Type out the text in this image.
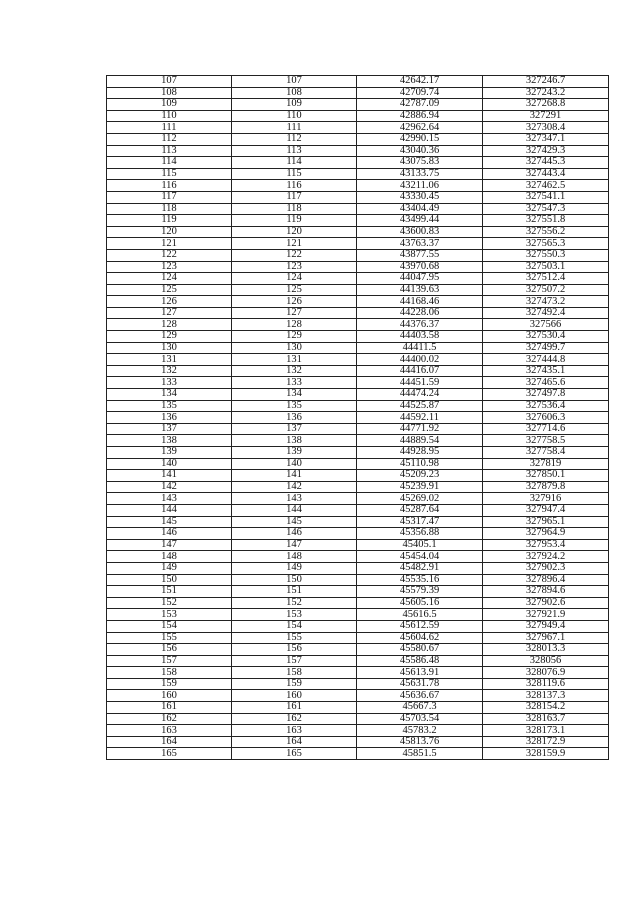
107	107	42642.17	327246.7
108	108	42709.74	327243.2
109	109	42787.09	327268.8
110	110	42886.94	327291
111	111	42962.64	327308.4
112	112	42990.15	327347.1
113	113	43040.36	327429.3
114	114	43075.83	327445.3
115	115	43133.75	327443.4
116	116	43211.06	327462.5
117	117	43330.45	327541.1
118	118	43404.49	327547.3
119	119	43499.44	327551.8
120	120	43600.83	327556.2
121	121	43763.37	327565.3
122	122	43877.55	327550.3
123	123	43970.68	327503.1
124	124	44047.95	327512.4
125	125	44139.63	327507.2
126	126	44168.46	327473.2
127	127	44228.06	327492.4
128	128	44376.37	327566
129	129	44403.58	327530.4
130	130	44411.5	327499.7
131	131	44400.02	327444.8
132	132	44416.07	327435.1
133	133	44451.59	327465.6
134	134	44474.24	327497.8
135	135	44525.87	327536.4
136	136	44592.11	327606.3
137	137	44771.92	327714.6
138	138	44889.54	327758.5
139	139	44928.95	327758.4
140	140	45110.98	327819
141	141	45209.23	327850.1
142	142	45239.91	327879.8
143	143	45269.02	327916
144	144	45287.64	327947.4
145	145	45317.47	327965.1
146	146	45356.88	327964.9
147	147	45405.1	327953.4
148	148	45454.04	327924.2
149	149	45482.91	327902.3
150	150	45535.16	327896.4
151	151	45579.39	327894.6
152	152	45605.16	327902.6
153	153	45616.5	327921.9
154	154	45612.59	327949.4
155	155	45604.62	327967.1
156	156	45580.67	328013.3
157	157	45586.48	328056
158	158	45613.91	328076.9
159	159	45631.78	328119.6
160	160	45636.67	328137.3
161	161	45667.3	328154.2
162	162	45703.54	328163.7
163	163	45783.2	328173.1
164	164	45813.76	328172.9
165	165	45851.5	328159.9
